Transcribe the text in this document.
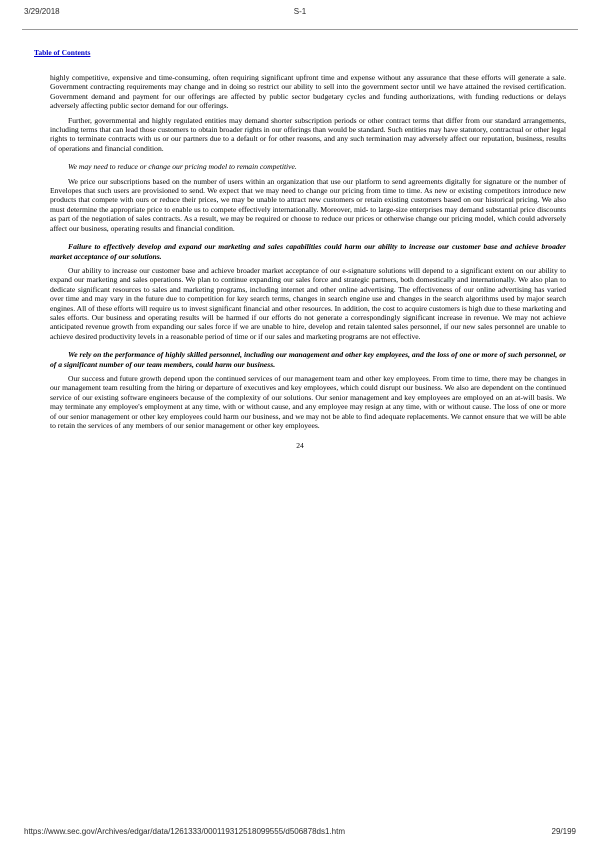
3/29/2018	S-1
Table of Contents

highly competitive, expensive and time-consuming, often requiring significant upfront time and expense without any assurance that these efforts will generate a sale. Government contracting requirements may change and in doing so restrict our ability to sell into the government sector until we have attained the revised certification. Government demand and payment for our offerings are affected by public sector budgetary cycles and funding authorizations, with funding reductions or delays adversely affecting public sector demand for our offerings.

Further, governmental and highly regulated entities may demand shorter subscription periods or other contract terms that differ from our standard arrangements, including terms that can lead those customers to obtain broader rights in our offerings than would be standard. Such entities may have statutory, contractual or other legal rights to terminate contracts with us or our partners due to a default or for other reasons, and any such termination may adversely affect our reputation, business, results of operations and financial condition.

We may need to reduce or change our pricing model to remain competitive.

We price our subscriptions based on the number of users within an organization that use our platform to send agreements digitally for signature or the number of Envelopes that such users are provisioned to send. We expect that we may need to change our pricing from time to time. As new or existing competitors introduce new products that compete with ours or reduce their prices, we may be unable to attract new customers or retain existing customers based on our historical pricing. We also must determine the appropriate price to enable us to compete effectively internationally. Moreover, mid- to large-size enterprises may demand substantial price discounts as part of the negotiation of sales contracts. As a result, we may be required or choose to reduce our prices or otherwise change our pricing model, which could adversely affect our business, operating results and financial condition.

Failure to effectively develop and expand our marketing and sales capabilities could harm our ability to increase our customer base and achieve broader market acceptance of our solutions.

Our ability to increase our customer base and achieve broader market acceptance of our e-signature solutions will depend to a significant extent on our ability to expand our marketing and sales operations. We plan to continue expanding our sales force and strategic partners, both domestically and internationally. We also plan to dedicate significant resources to sales and marketing programs, including internet and other online advertising. The effectiveness of our online advertising has varied over time and may vary in the future due to competition for key search terms, changes in search engine use and changes in the search algorithms used by major search engines. All of these efforts will require us to invest significant financial and other resources. In addition, the cost to acquire customers is high due to these marketing and sales efforts. Our business and operating results will be harmed if our efforts do not generate a correspondingly significant increase in revenue. We may not achieve anticipated revenue growth from expanding our sales force if we are unable to hire, develop and retain talented sales personnel, if our new sales personnel are unable to achieve desired productivity levels in a reasonable period of time or if our sales and marketing programs are not effective.

We rely on the performance of highly skilled personnel, including our management and other key employees, and the loss of one or more of such personnel, or of a significant number of our team members, could harm our business.

Our success and future growth depend upon the continued services of our management team and other key employees. From time to time, there may be changes in our management team resulting from the hiring or departure of executives and key employees, which could disrupt our business. We also are dependent on the continued service of our existing software engineers because of the complexity of our solutions. Our senior management and key employees are employed on an at-will basis. We may terminate any employee's employment at any time, with or without cause, and any employee may resign at any time, with or without cause. The loss of one or more of our senior management or other key employees could harm our business, and we may not be able to find adequate replacements. We cannot ensure that we will be able to retain the services of any members of our senior management or other key employees.

24
https://www.sec.gov/Archives/edgar/data/1261333/000119312518099555/d506878ds1.htm	29/199
